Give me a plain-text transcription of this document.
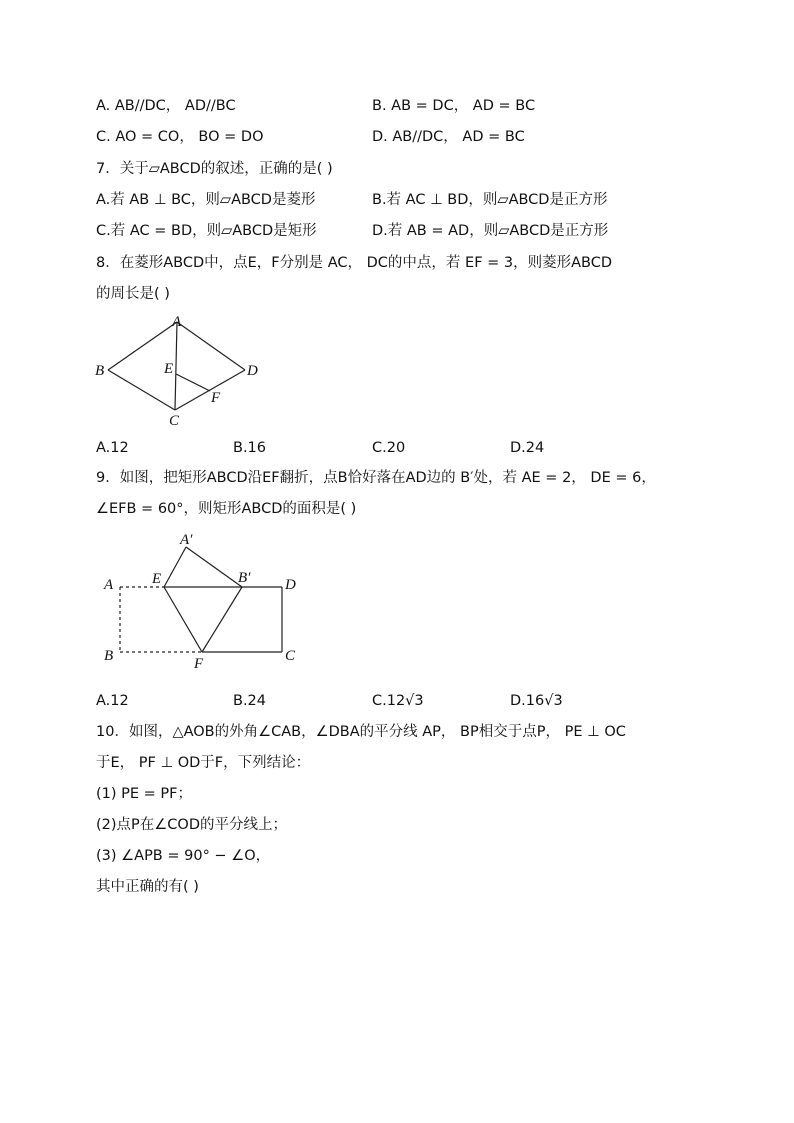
A. AB//DC， AD//BC	B. AB = DC， AD = BC
C. AO = CO， BO = DO	D. AB//DC， AD = BC
7．关于▱ABCD的叙述，正确的是( )
A.若 AB ⊥ BC，则▱ABCD是菱形	B.若 AC ⊥ BD，则▱ABCD是正方形
C.若 AC = BD，则▱ABCD是矩形	D.若 AB = AD，则▱ABCD是正方形
8．在菱形ABCD中，点E，F分别是 AC， DC的中点，若 EF = 3，则菱形ABCD
的周长是( )
A
B
C
D
E
F
A.12	B.16	C.20	D.24
9．如图，把矩形ABCD沿EF翻折，点B恰好落在AD边的 B′处，若 AE = 2， DE = 6，
∠EFB = 60°，则矩形ABCD的面积是( )
A′
A	E	B′ D
B	F	C
A.12	B.24	C.12√3	D.16√3
10．如图，△AOB的外角∠CAB，∠DBA的平分线 AP， BP相交于点P， PE ⊥ OC
于E， PF ⊥ OD于F，下列结论：
(1) PE = PF；
(2)点P在∠COD的平分线上；
(3) ∠APB = 90° − ∠O，
其中正确的有( )
